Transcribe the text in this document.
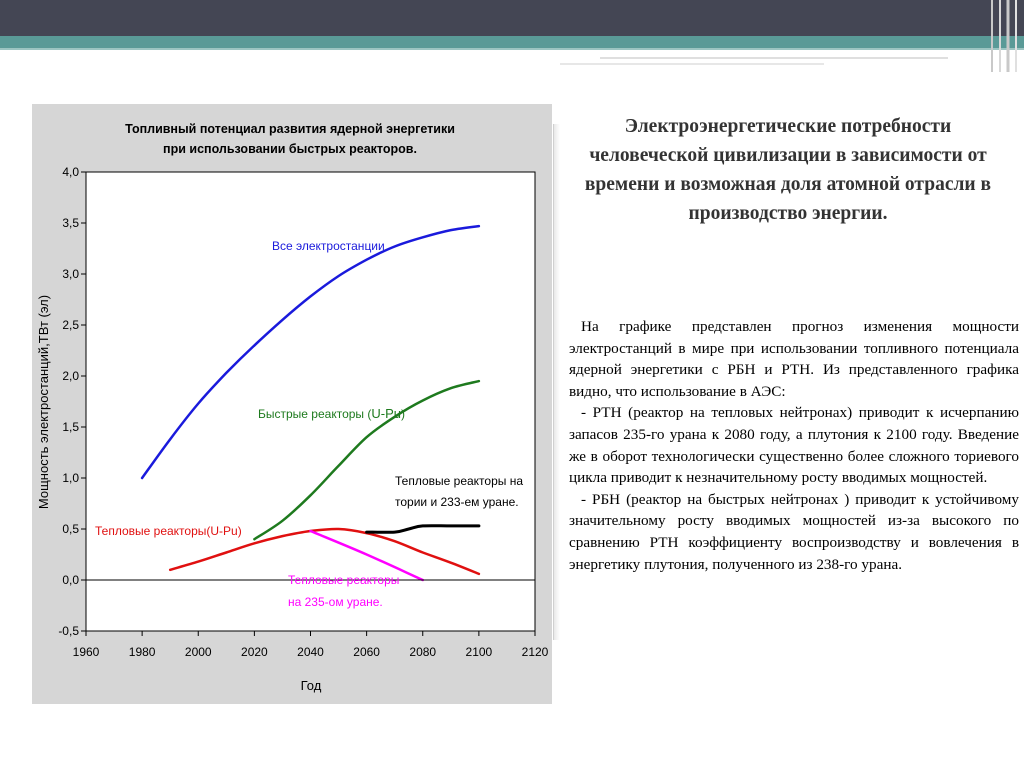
Топливный потенциал развития ядерной энергетики
при использовании быстрых реакторов.
1960 1980 2000 2020 2040 2060 2080 2100 2120
4,0
3,5
3,0
2,5
2,0
1,5
1,0
0,5
0,0
-0,5
Год
Мощность электростанций,ТВт (эл)
Все электростанции
Быстрые реакторы (U-Pu)
Тепловые реакторы на
тории и 233-ем уране.
Тепловые реакторы(U-Pu)
Тепловые реакторы
на 235-ом уране.
Электроэнергетические потребности человеческой цивилизации в зависимости от времени и возможная доля атомной отрасли в производство энергии.

На графике представлен прогноз изменения мощности электростанций в мире при использовании топливного потенциала ядерной энергетики с РБН и РТН. Из представленного графика видно, что использование в АЭС:

- РТН (реактор на тепловых нейтронах) приводит к исчерпанию запасов 235-го урана к 2080 году, а плутония к 2100 году. Введение же в оборот технологически существенно более сложного ториевого цикла приводит к незначительному росту вводимых мощностей.

- РБН (реактор на быстрых нейтронах ) приводит к устойчивому значительному росту вводимых мощностей из-за высокого по сравнению РТН коэффициенту воспроизводству и вовлечения в энергетику плутония, полученного из 238-го урана.
